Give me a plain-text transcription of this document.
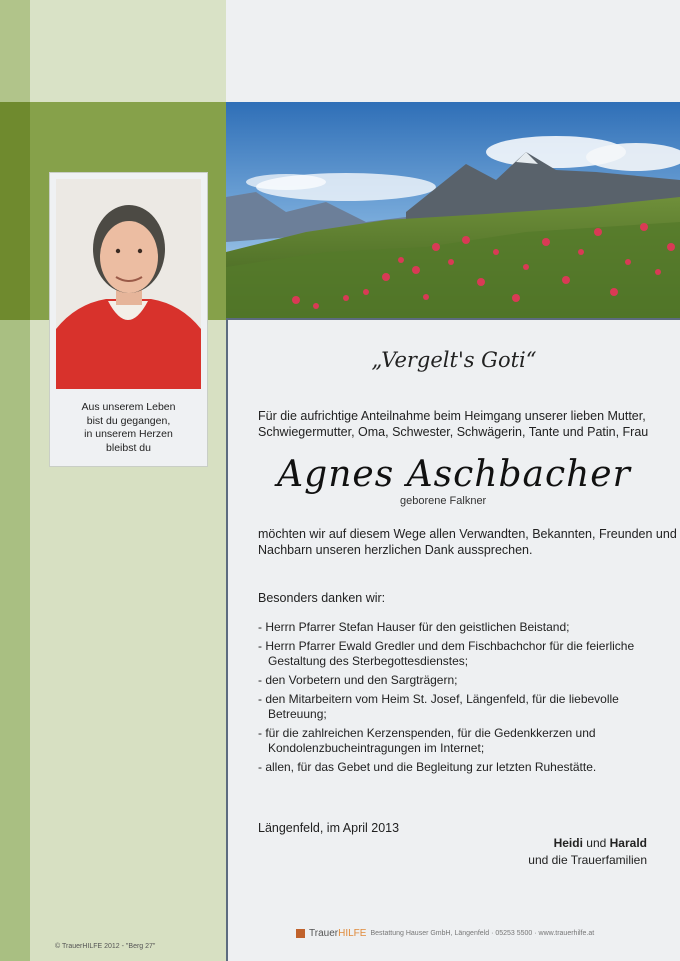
Aus unserem Leben
bist du gegangen,
in unserem Herzen
bleibst du
„Vergelt's Goti“
Für die aufrichtige Anteilnahme beim Heimgang unserer lieben Mutter, Schwiegermutter, Oma, Schwester, Schwägerin, Tante und Patin, Frau
Agnes Aschbacher
geborene Falkner
möchten wir auf diesem Wege allen Verwandten, Bekannten, Freunden und Nachbarn unseren herzlichen Dank aussprechen.
Besonders danken wir:
- Herrn Pfarrer Stefan Hauser für den geistlichen Beistand;
- Herrn Pfarrer Ewald Gredler und dem Fischbachchor für die feierliche Gestaltung des Sterbegottesdienstes;
- den Vorbetern und den Sargträgern;
- den Mitarbeitern vom Heim St. Josef, Längenfeld, für die liebevolle Betreuung;
- für die zahlreichen Kerzenspenden, für die Gedenkkerzen und Kondolenzbucheintragungen im Internet;
- allen, für das Gebet und die Begleitung zur letzten Ruhestätte.
Längenfeld, im April 2013
Heidi und Harald
und die Trauerfamilien
© TrauerHILFE 2012 - "Berg 27"
TrauerHILFE Bestattung Hauser GmbH, Längenfeld · 05253 5500 · www.trauerhilfe.at
